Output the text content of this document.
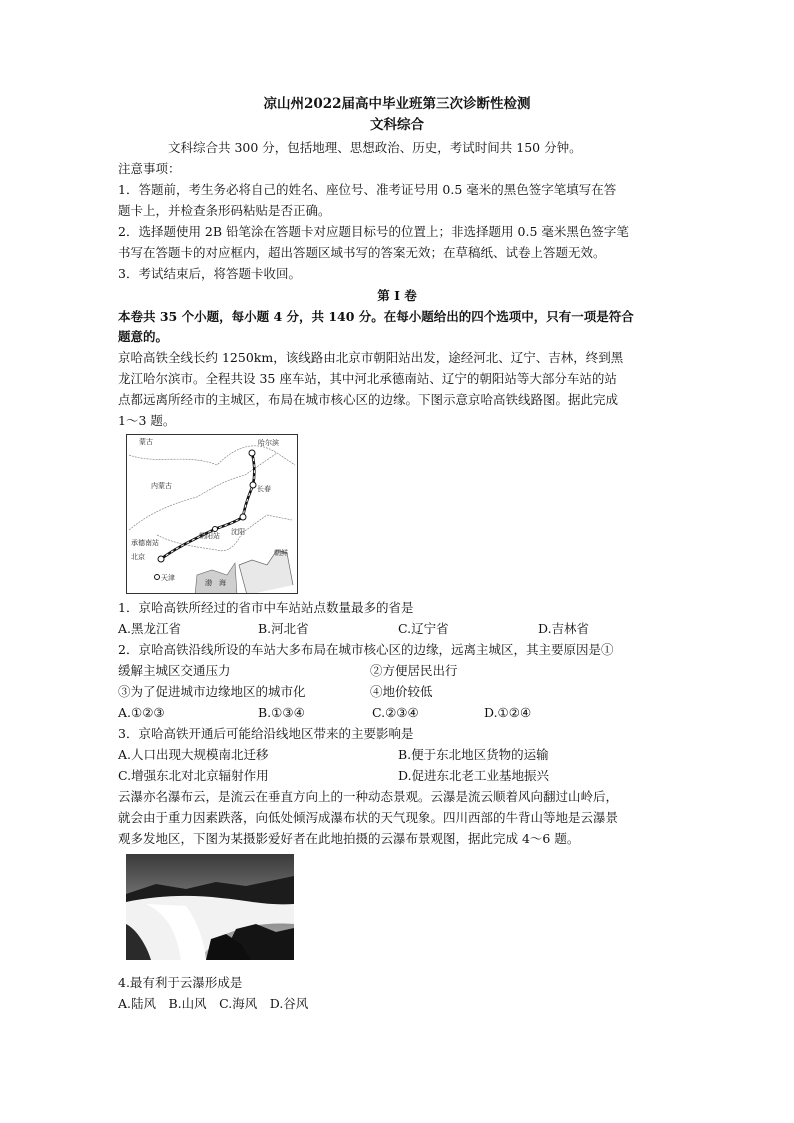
凉山州2022届高中毕业班第三次诊断性检测
文科综合
文科综合共 300 分，包括地理、思想政治、历史，考试时间共 150 分钟。
注意事项：
1．答题前，考生务必将自己的姓名、座位号、准考证号用 0.5 毫米的黑色签字笔填写在答
题卡上，并检查条形码粘贴是否正确。
2．选择题使用 2B 铅笔涂在答题卡对应题目标号的位置上；非选择题用 0.5 毫米黑色签字笔
书写在答题卡的对应框内，超出答题区域书写的答案无效；在草稿纸、试卷上答题无效。
3．考试结束后，将答题卡收回。
第 I 卷
本卷共 35 个小题，每小题 4 分，共 140 分。在每小题给出的四个选项中，只有一项是符合
题意的。
京哈高铁全线长约 1250km，该线路由北京市朝阳站出发，途经河北、辽宁、吉林，终到黑
龙江哈尔滨市。全程共设 35 座车站，其中河北承德南站、辽宁的朝阳站等大部分车站的站
点都远离所经市的主城区，布局在城市核心区的边缘。下图示意京哈高铁线路图。据此完成
1～3 题。
蒙古
内蒙古
哈尔滨
长春
沈阳
朝阳站
承德南站
北京
天津
渤　海
朝鲜
1．京哈高铁所经过的省市中车站站点数量最多的省是
A.黑龙江省	B.河北省	C.辽宁省	D.吉林省
2．京哈高铁沿线所设的车站大多布局在城市核心区的边缘，远离主城区，其主要原因是①
缓解主城区交通压力	②方便居民出行
③为了促进城市边缘地区的城市化	④地价较低
A.①②③	B.①③④	C.②③④	D.①②④
3．京哈高铁开通后可能给沿线地区带来的主要影响是
A.人口出现大规模南北迁移	B.便于东北地区货物的运输
C.增强东北对北京辐射作用	D.促进东北老工业基地振兴
云瀑亦名瀑布云，是流云在垂直方向上的一种动态景观。云瀑是流云顺着风向翻过山岭后，
就会由于重力因素跌落，向低处倾泻成瀑布状的天气现象。四川西部的牛背山等地是云瀑景
观多发地区，下图为某摄影爱好者在此地拍摄的云瀑布景观图，据此完成 4～6 题。
4.最有利于云瀑形成是
A.陆风　B.山风　C.海风　D.谷风
